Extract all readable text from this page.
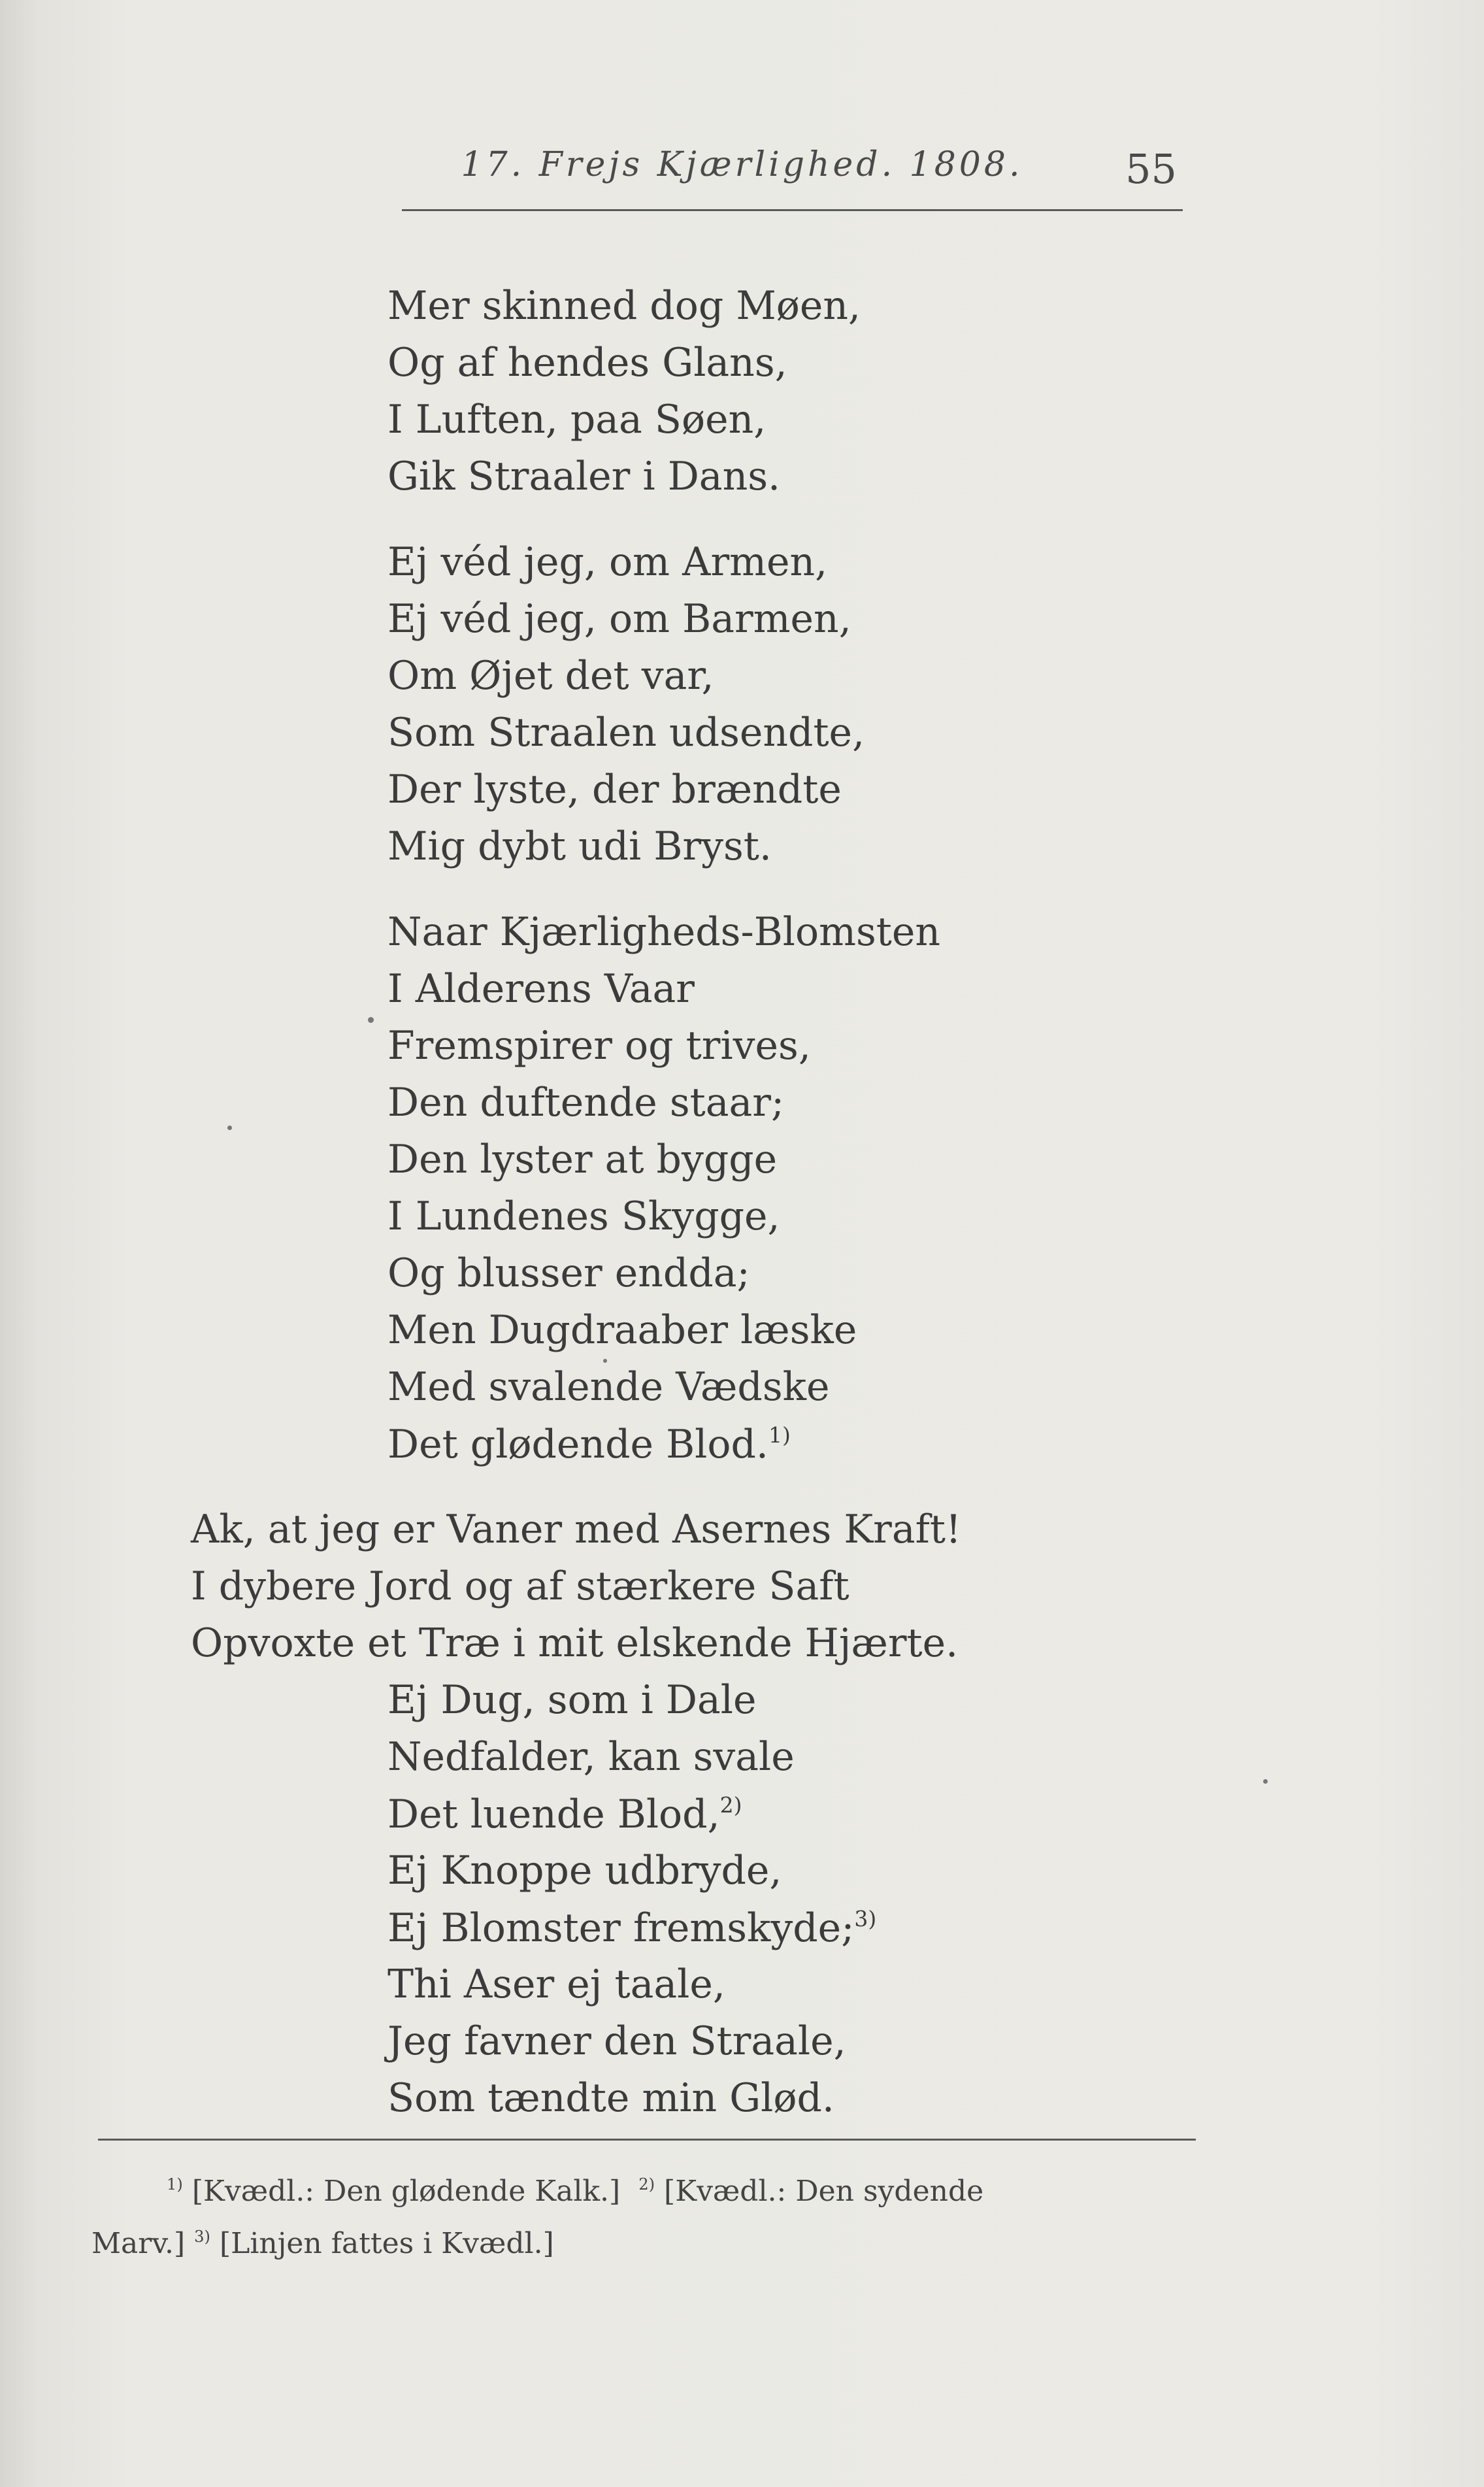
17. Frejs Kjærlighed. 1808.	55
Mer skinned dog Møen,
Og af hendes Glans,
I Luften, paa Søen,
Gik Straaler i Dans.
Ej véd jeg, om Armen,
Ej véd jeg, om Barmen,
Om Øjet det var,
Som Straalen udsendte,
Der lyste, der brændte
Mig dybt udi Bryst.
Naar Kjærligheds-Blomsten
I Alderens Vaar
Fremspirer og trives,
Den duftende staar;
Den lyster at bygge
I Lundenes Skygge,
Og blusser endda;
Men Dugdraaber læske
Med svalende Vædske
Det glødende Blod.$^{1)}$
Ak, at jeg er Vaner med Asernes Kraft!
I dybere Jord og af stærkere Saft
Opvoxte et Træ i mit elskende Hjærte.
Ej Dug, som i Dale
Nedfalder, kan svale
Det luende Blod,$^{2)}$
Ej Knoppe udbryde,
Ej Blomster fremskyde;$^{3)}$
Thi Aser ej taale,
Jeg favner den Straale,
Som tændte min Glød.
$^{1)}$ [Kvædl.: Den glødende Kalk.] $^{2)}$ [Kvædl.: Den sydende
Marv.] $^{3)}$ [Linjen fattes i Kvædl.]
